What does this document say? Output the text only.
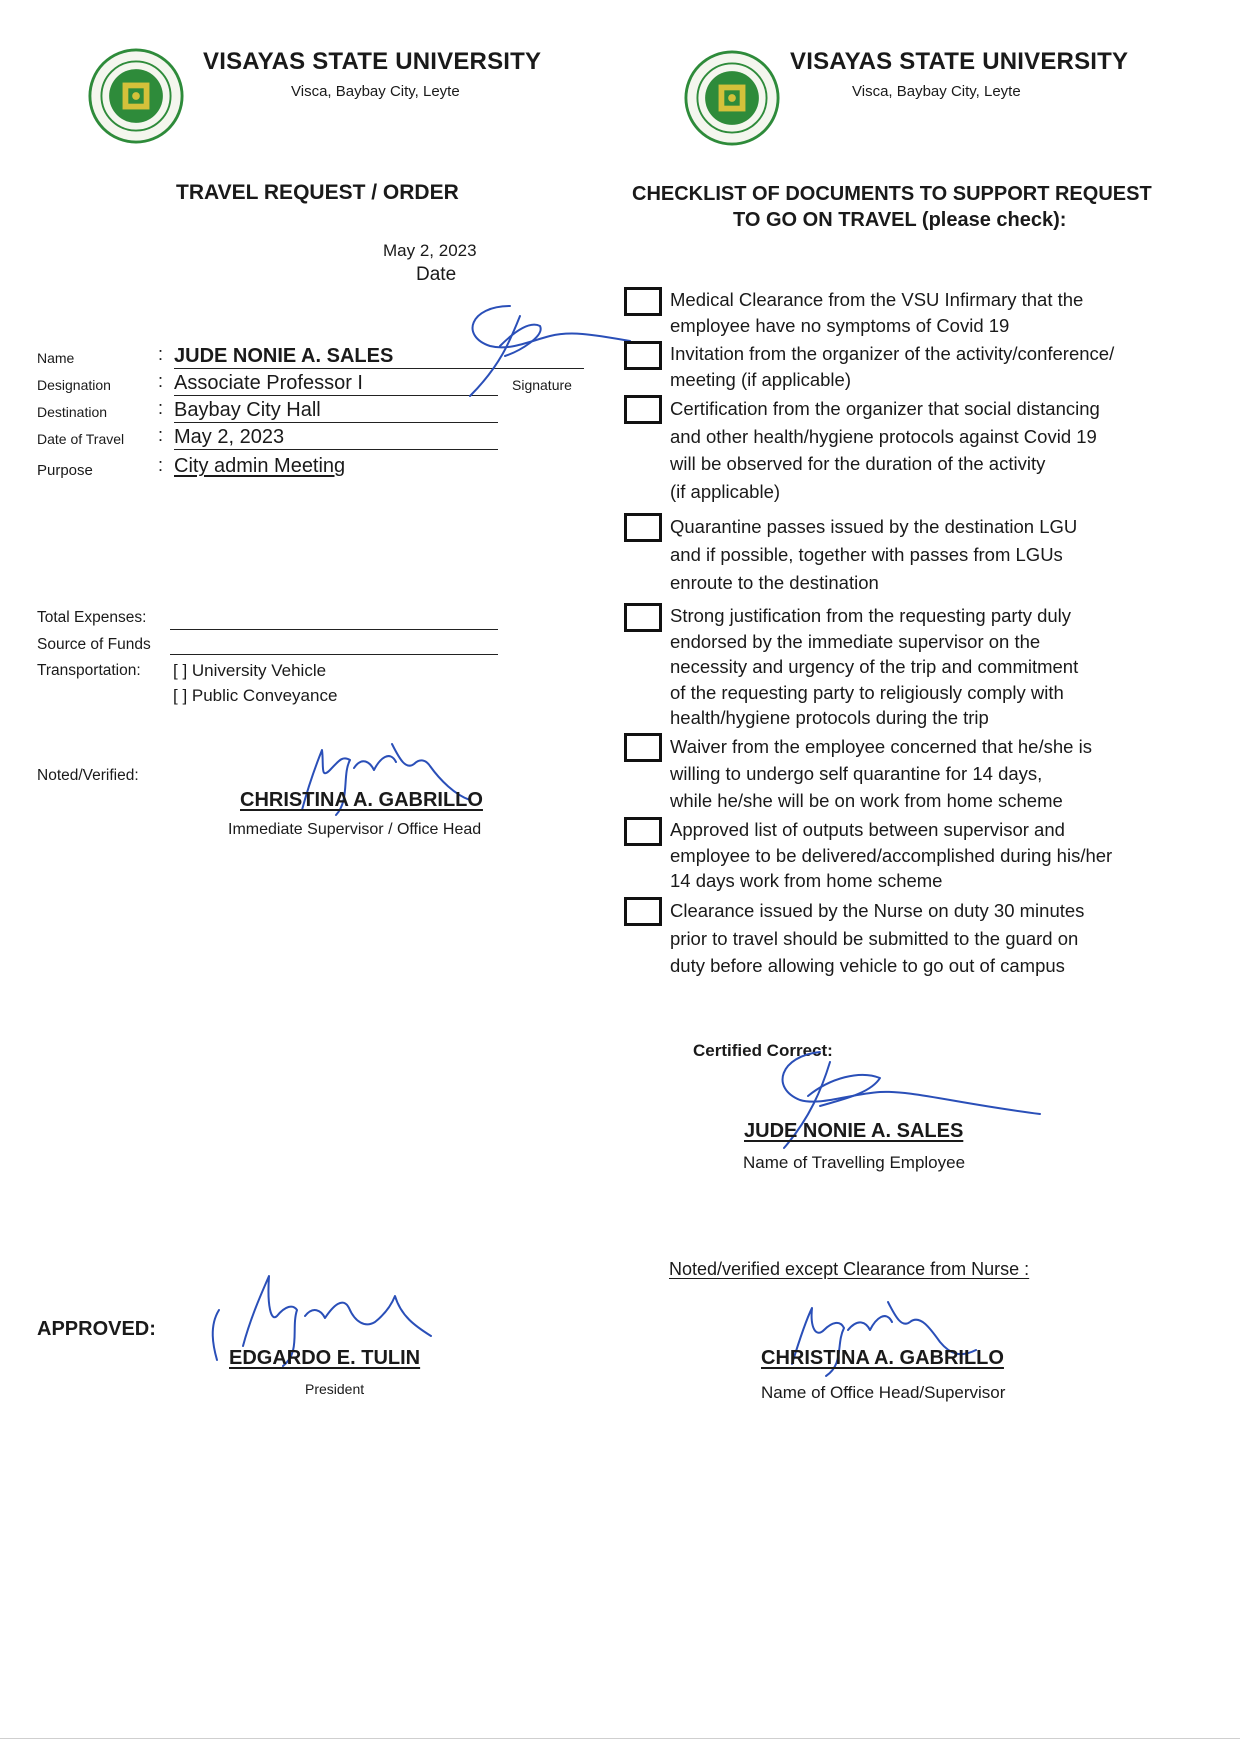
VISAYAS STATE UNIVERSITY
Visca, Baybay City, Leyte
VISAYAS STATE UNIVERSITY
Visca, Baybay City, Leyte
TRAVEL REQUEST / ORDER
May 2, 2023
Date
Name	: JUDE NONIE A. SALES
Signature
Designation	: Associate Professor I
Destination	: Baybay City Hall
Date of Travel : May 2, 2023
Purpose	: City admin Meeting
Total Expenses:
Source of Funds
Transportation: [ ] University Vehicle
[ ] Public Conveyance
Noted/Verified:
CHRISTINA A. GABRILLO
Immediate Supervisor / Office Head
APPROVED:
EDGARDO E. TULIN
President
CHECKLIST OF DOCUMENTS TO SUPPORT REQUEST
TO GO ON TRAVEL (please check):
Medical Clearance from the VSU Infirmary that the
employee have no symptoms of Covid 19
Invitation from the organizer of the activity/conference/
meeting (if applicable)
Certification from the organizer that social distancing
and other health/hygiene protocols against Covid 19
will be observed for the duration of the activity
(if applicable)
Quarantine passes issued by the destination LGU
and if possible, together with passes from LGUs
enroute to the destination
Strong justification from the requesting party duly
endorsed by the immediate supervisor on the
necessity and urgency of the trip and commitment
of the requesting party to religiously comply with
health/hygiene protocols during the trip
Waiver from the employee concerned that he/she is
willing to undergo self quarantine for 14 days,
while he/she will be on work from home scheme
Approved list of outputs between supervisor and
employee to be delivered/accomplished during his/her
14 days work from home scheme
Clearance issued by the Nurse on duty 30 minutes
prior to travel should be submitted to the guard on
duty before allowing vehicle to go out of campus
Certified Correct:
JUDE NONIE A. SALES
Name of Travelling Employee
Noted/verified except Clearance from Nurse :
CHRISTINA A. GABRILLO
Name of Office Head/Supervisor
